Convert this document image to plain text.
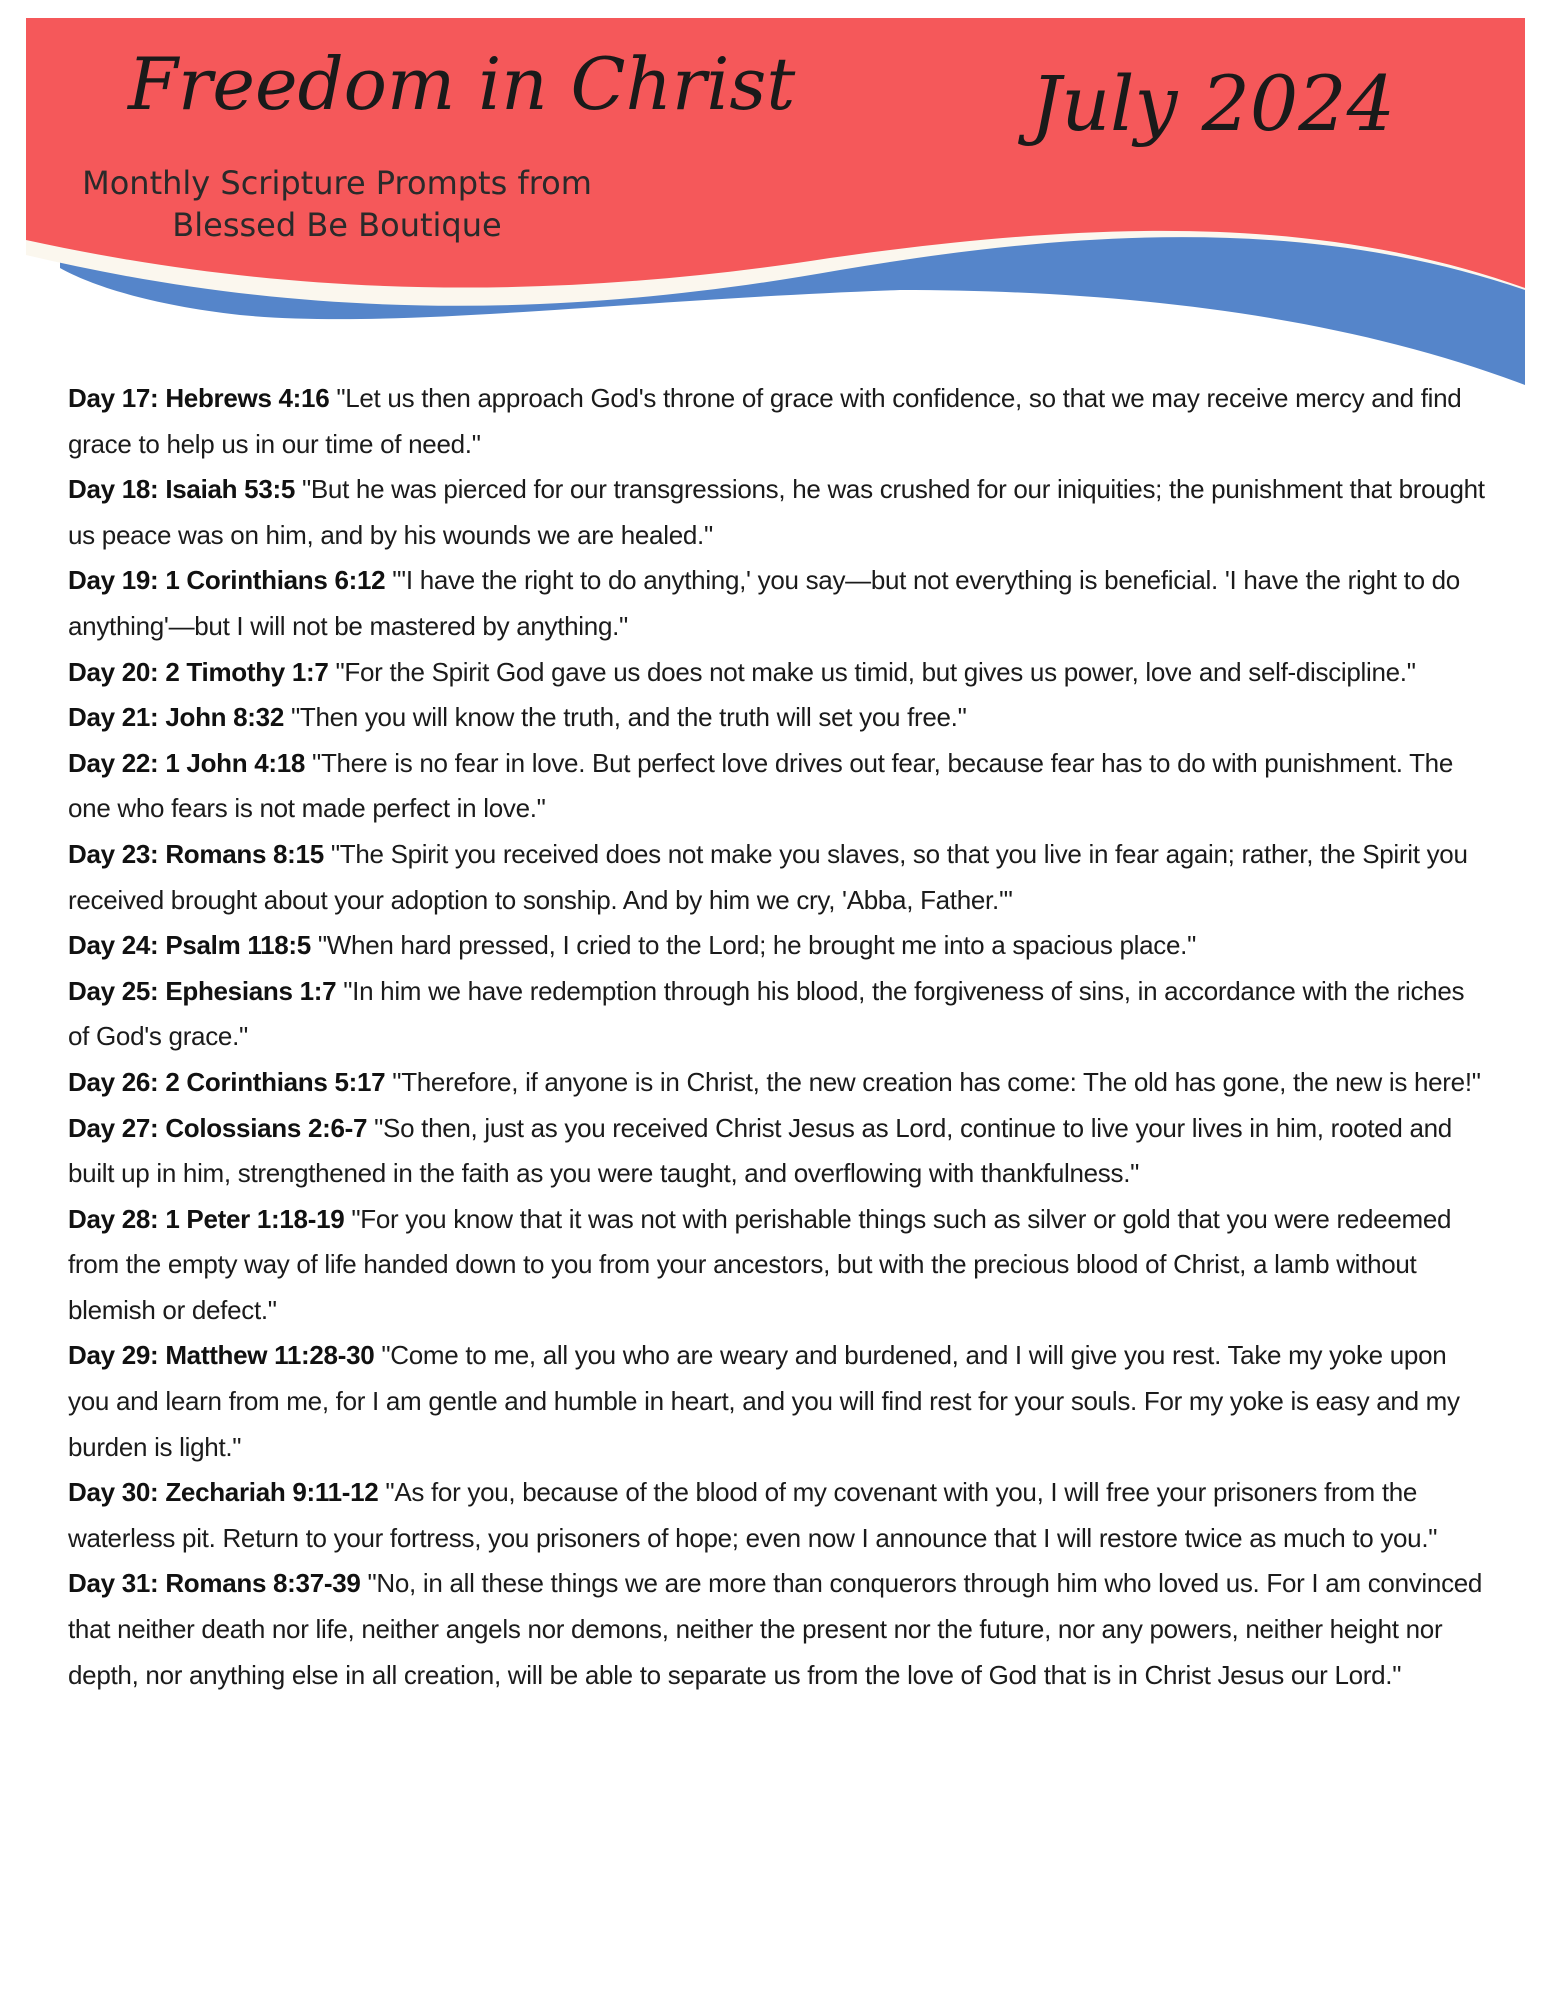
Freedom in Christ
Monthly Scripture Prompts from Blessed Be Boutique
July 2024
Day 17: Hebrews 4:16 "Let us then approach God's throne of grace with confidence, so that we may receive mercy and find grace to help us in our time of need."
Day 18: Isaiah 53:5 "But he was pierced for our transgressions, he was crushed for our iniquities; the punishment that brought us peace was on him, and by his wounds we are healed."
Day 19: 1 Corinthians 6:12 "'I have the right to do anything,' you say—but not everything is beneficial. 'I have the right to do anything'—but I will not be mastered by anything."
Day 20: 2 Timothy 1:7 "For the Spirit God gave us does not make us timid, but gives us power, love and self-discipline."
Day 21: John 8:32 "Then you will know the truth, and the truth will set you free."
Day 22: 1 John 4:18 "There is no fear in love. But perfect love drives out fear, because fear has to do with punishment. The one who fears is not made perfect in love."
Day 23: Romans 8:15 "The Spirit you received does not make you slaves, so that you live in fear again; rather, the Spirit you received brought about your adoption to sonship. And by him we cry, 'Abba, Father.'"
Day 24: Psalm 118:5 "When hard pressed, I cried to the Lord; he brought me into a spacious place."
Day 25: Ephesians 1:7 "In him we have redemption through his blood, the forgiveness of sins, in accordance with the riches of God's grace."
Day 26: 2 Corinthians 5:17 "Therefore, if anyone is in Christ, the new creation has come: The old has gone, the new is here!"
Day 27: Colossians 2:6-7 "So then, just as you received Christ Jesus as Lord, continue to live your lives in him, rooted and built up in him, strengthened in the faith as you were taught, and overflowing with thankfulness."
Day 28: 1 Peter 1:18-19 "For you know that it was not with perishable things such as silver or gold that you were redeemed from the empty way of life handed down to you from your ancestors, but with the precious blood of Christ, a lamb without blemish or defect."
Day 29: Matthew 11:28-30 "Come to me, all you who are weary and burdened, and I will give you rest. Take my yoke upon you and learn from me, for I am gentle and humble in heart, and you will find rest for your souls. For my yoke is easy and my burden is light."
Day 30: Zechariah 9:11-12 "As for you, because of the blood of my covenant with you, I will free your prisoners from the waterless pit. Return to your fortress, you prisoners of hope; even now I announce that I will restore twice as much to you."
Day 31: Romans 8:37-39 "No, in all these things we are more than conquerors through him who loved us. For I am convinced that neither death nor life, neither angels nor demons, neither the present nor the future, nor any powers, neither height nor depth, nor anything else in all creation, will be able to separate us from the love of God that is in Christ Jesus our Lord."
